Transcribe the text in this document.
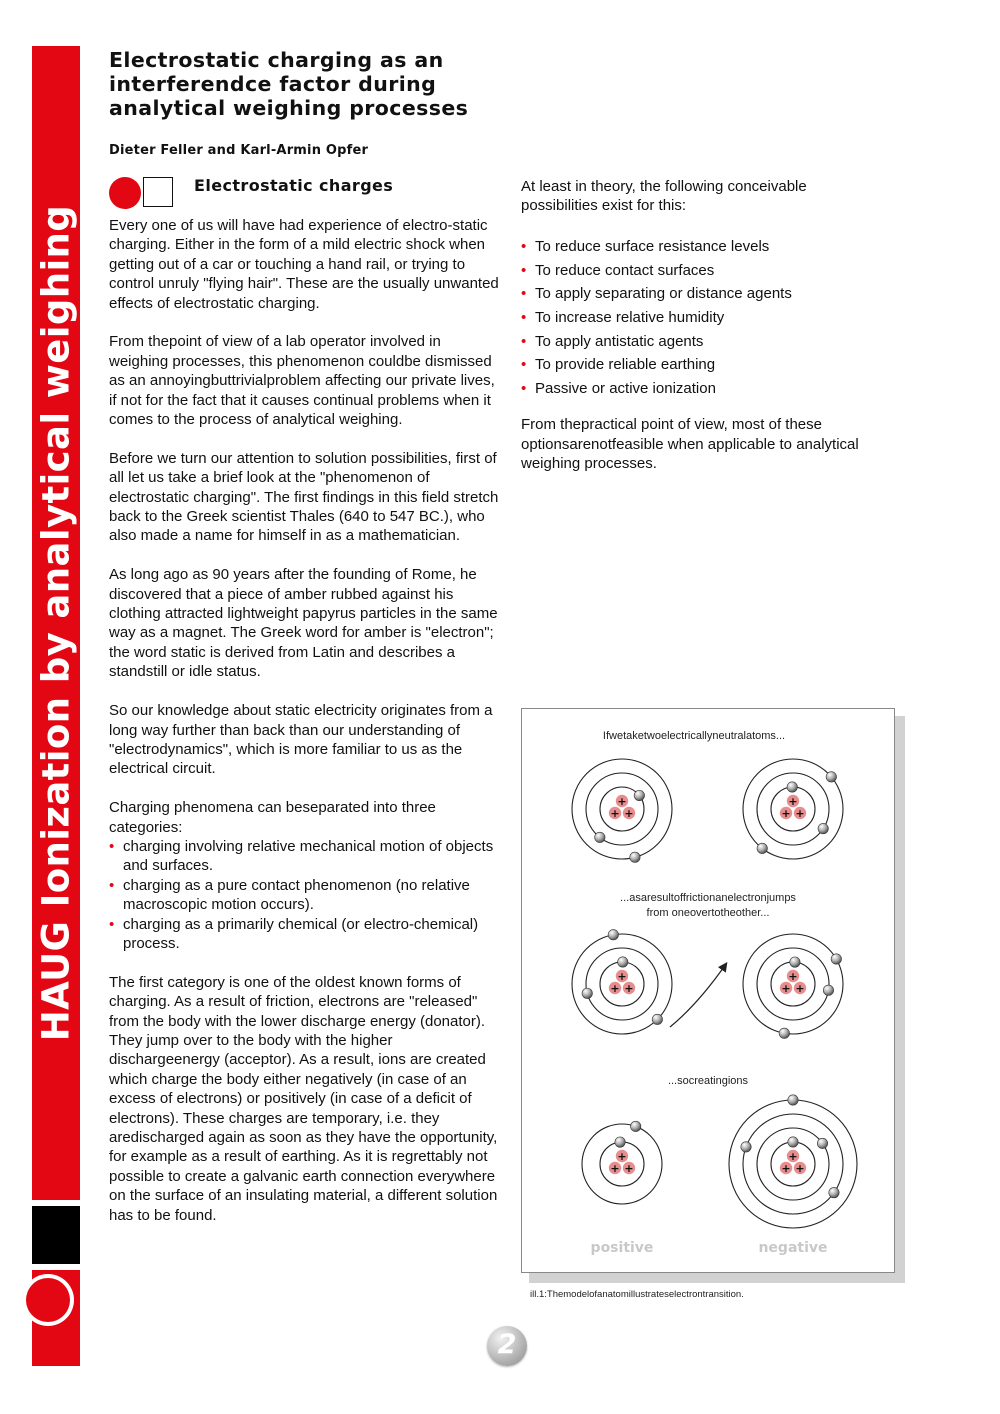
HAUG Ionization by analytical weighing
Electrostatic charging as an
interferendce factor during
analytical weighing processes
Dieter Feller and Karl-Armin Opfer
Electrostatic charges

Every one of us will have had experience of electro-static charging. Either in the form of a mild electric shock when getting out of a car or touching a hand rail, or trying to control unruly "flying hair". These are the usually unwanted effects of electrostatic charging.

From thepoint of view of a lab operator involved in weighing processes, this phenomenon couldbe dismissed as an annoyingbuttrivialproblem affecting our private lives, if not for the fact that it causes continual problems when it comes to the process of analytical weighing.

Before we turn our attention to solution possibilities, first of all let us take a brief look at the "phenomenon of electrostatic charging". The first findings in this field stretch back to the Greek scientist Thales (640 to 547 BC.), who also made a name for himself in as a mathematician.

As long ago as 90 years after the founding of Rome, he discovered that a piece of amber rubbed against his clothing attracted lightweight papyrus particles in the same way as a magnet. The Greek word for amber is "electron"; the word static is derived from Latin and describes a standstill or idle status.

So our knowledge about static electricity originates from a long way further than back than our understanding of "electrodynamics", which is more familiar to us as the electrical circuit.

Charging phenomena can beseparated into three categories:
• charging involving relative mechanical motion of objects and surfaces.
• charging as a pure contact phenomenon (no relative macroscopic motion occurs).
• charging as a primarily chemical (or electro-chemical) process.

The first category is one of the oldest known forms of charging. As a result of friction, electrons are "released" from the body with the lower discharge energy (donator). They jump over to the body with the higher dischargeenergy (acceptor). As a result, ions are created which charge the body either negatively (in case of an excess of electrons) or positively (in case of a deficit of electrons). These charges are temporary, i.e. they aredischarged again as soon as they have the opportunity, for example as a result of earthing. As it is regrettably not possible to create a galvanic earth connection everywhere on the surface of an insulating material, a different solution has to be found.

At least in theory, the following conceivable possibilities exist for this:

• To reduce surface resistance levels
• To reduce contact surfaces
• To apply separating or distance agents
• To increase relative humidity
• To apply antistatic agents
• To provide reliable earthing
• Passive or active ionization

From thepractical point of view, most of these optionsarenotfeasible when applicable to analytical weighing processes.

Ifwetaketwoelectricallyneutralatoms...
...asaresultoffrictionanelectronjumps
from oneovertotheother...
...socreatingions
+
+ +
+
+ +
+
+ +
+
+ +
+
+ +
+
+ +
positive	negative
ill.1:Themodelofanatomillustrateselectrontransition.
2
